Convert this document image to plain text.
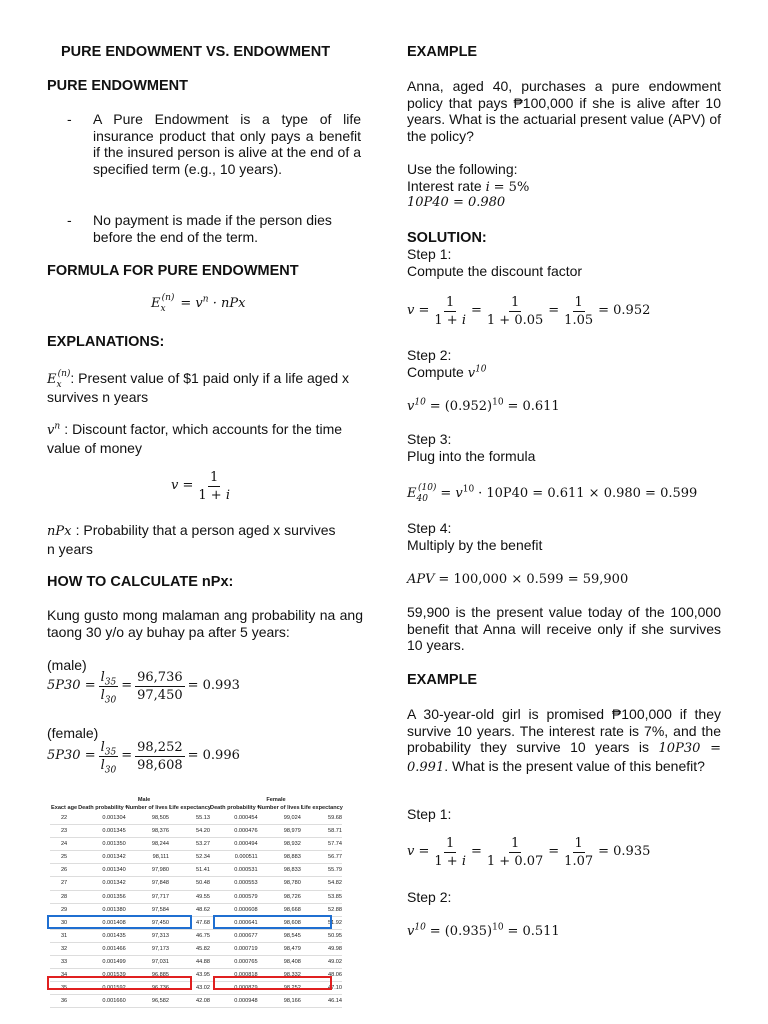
PURE ENDOWMENT VS. ENDOWMENT
PURE ENDOWMENT
-	A Pure Endowment is a type of life insurance product that only pays a benefit if the insured person is alive at the end of a specified term (e.g., 10 years).
-	No payment is made if the person dies before the end of the term.
FORMULA FOR PURE ENDOWMENT
$E_x^{(n)} = v^n$ · nPx
EXPLANATIONS:
$E_x^{(n)}$: Present value of $1 paid only if a life aged x survives n years
$v^n$ : Discount factor, which accounts for the time value of money
$v = \frac{1}{1 + i}$
nPx : Probability that a person aged x survives n years
HOW TO CALCULATE nPx:
Kung gusto mong malaman ang probability na ang taong 30 y/o ay buhay pa after 5 years:
(male)
$5P30 = \frac{l_{35}}{l_{30}} = \frac{96,736}{97,450} = 0.993$
(female)
$5P30 = \frac{l_{35}}{l_{30}} = \frac{98,252}{98,608} = 0.996$
	Male			Female		
Exact age	Death probability ᵃ	Number of lives ᵇ	Life expectancy	Death probability ᵃ	Number of lives ᵇ	Life expectancy
22	0.001304	98,505	55.13	0.000454	99,024	59.68
23	0.001345	98,376	54.20	0.000476	98,979	58.71
24	0.001350	98,244	53.27	0.000494	98,932	57.74
25	0.001342	98,111	52.34	0.000511	98,883	56.77
26	0.001340	97,980	51.41	0.000531	98,833	55.79
27	0.001342	97,848	50.48	0.000553	98,780	54.82
28	0.001356	97,717	49.55	0.000579	98,726	53.85
29	0.001380	97,584	48.62	0.000608	98,668	52.88
30	0.001408	97,450	47.68	0.000641	98,608	51.92
31	0.001435	97,313	46.75	0.000677	98,545	50.95
32	0.001466	97,173	45.82	0.000719	98,479	49.98
33	0.001499	97,031	44.88	0.000765	98,408	49.02
34	0.001539	96,885	43.95	0.000818	98,332	48.06
35	0.001592	96,736	43.02	0.000879	98,252	47.10
36	0.001660	96,582	42.08	0.000948	98,166	46.14
EXAMPLE
Anna, aged 40, purchases a pure endowment policy that pays ₱100,000 if she is alive after 10 years. What is the actuarial present value (APV) of the policy?
Use the following:
Interest rate i = 5%
10P40 = 0.980
SOLUTION:
Step 1:
Compute the discount factor
$v = \frac{1}{1 + i} = \frac{1}{1 + 0.05} = \frac{1}{1.05} = 0.952$
Step 2:
Compute $v^{10}$
$v^{10} = (0.952)^{10} = 0.611$
Step 3:
Plug into the formula
$E_{40}^{(10)} = v^{10} \cdot 10P40 = 0.611 \times 0.980 = 0.599$
Step 4:
Multiply by the benefit
APV = 100,000 × 0.599 = 59,900
59,900 is the present value today of the 100,000 benefit that Anna will receive only if she survives 10 years.
EXAMPLE
A 30-year-old girl is promised ₱100,000 if they survive 10 years. The interest rate is 7%, and the probability they survive 10 years is 10P30 = 0.991. What is the present value of this benefit?
Step 1:
$v = \frac{1}{1 + i} = \frac{1}{1 + 0.07} = \frac{1}{1.07} = 0.935$
Step 2:
$v^{10} = (0.935)^{10} = 0.511$
